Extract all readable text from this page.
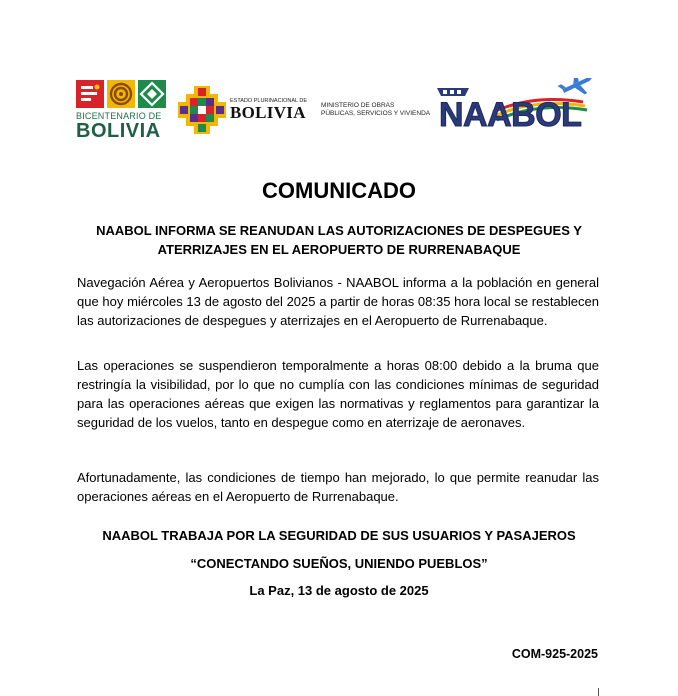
BICENTENARIO DE
BOLIVIA
ESTADO PLURINACIONAL DE
BOLIVIA MINISTERIO DE OBRAS
PÚBLICAS, SERVICIOS Y VIVIENDA NAABOL
COMUNICADO
NAABOL INFORMA SE REANUDAN LAS AUTORIZACIONES DE DESPEGUES Y ATERRIZAJES EN EL AEROPUERTO DE RURRENABAQUE

Navegación Aérea y Aeropuertos Bolivianos - NAABOL informa a la población en general que hoy miércoles 13 de agosto del 2025 a partir de horas 08:35 hora local se restablecen las autorizaciones de despegues y aterrizajes en el Aeropuerto de Rurrenabaque.

Las operaciones se suspendieron temporalmente a horas 08:00 debido a la bruma que restringía la visibilidad, por lo que no cumplía con las condiciones mínimas de seguridad para las operaciones aéreas que exigen las normativas y reglamentos para garantizar la seguridad de los vuelos, tanto en despegue como en aterrizaje de aeronaves.

Afortunadamente, las condiciones de tiempo han mejorado, lo que permite reanudar las operaciones aéreas en el Aeropuerto de Rurrenabaque.

NAABOL TRABAJA POR LA SEGURIDAD DE SUS USUARIOS Y PASAJEROS
“CONECTANDO SUEÑOS, UNIENDO PUEBLOS”
La Paz, 13 de agosto de 2025
COM-925-2025
